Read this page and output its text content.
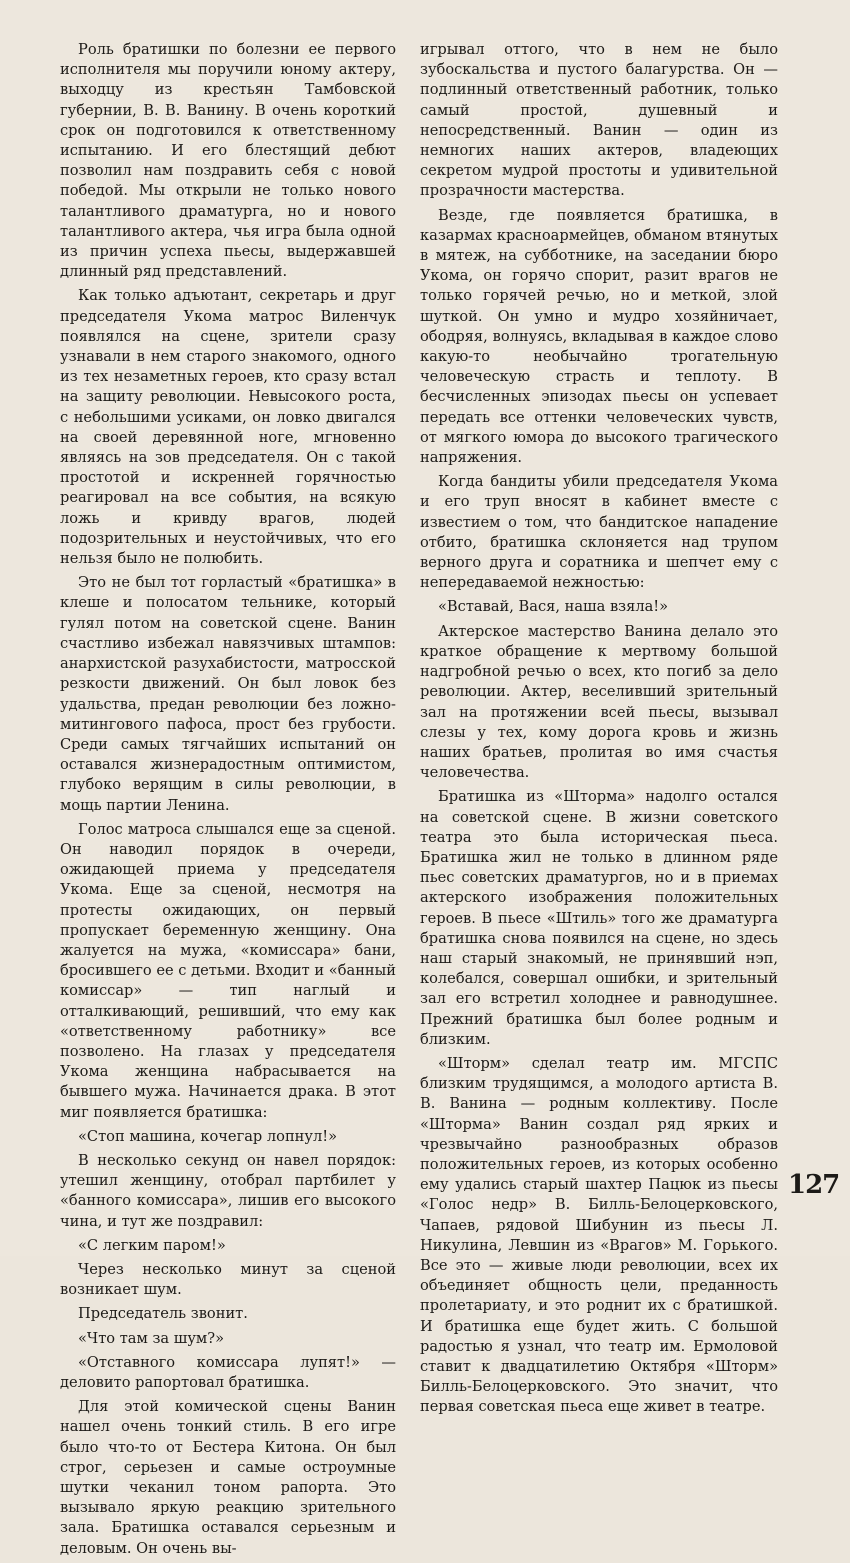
Роль братишки по болезни ее первого исполнителя мы поручили юному актеру, выходцу из крестьян Тамбовской губернии, В. В. Ванину. В очень короткий срок он подготовился к ответственному испытанию. И его блестящий дебют позволил нам поздравить себя с новой победой. Мы открыли не только нового талантливого драматурга, но и нового талантливого актера, чья игра была одной из причин успеха пьесы, выдержавшей длинный ряд представлений.

Как только адъютант, секретарь и друг председателя Укома матрос Виленчук появлялся на сцене, зрители сразу узнавали в нем старого знакомого, одного из тех незаметных героев, кто сразу встал на защиту революции. Невысокого роста, с небольшими усиками, он ловко двигался на своей деревянной ноге, мгновенно являясь на зов председателя. Он с такой простотой и искренней горячностью реагировал на все события, на всякую ложь и кривду врагов, людей подозрительных и неустойчивых, что его нельзя было не полюбить.

Это не был тот горластый «братишка» в клеше и полосатом тельнике, который гулял потом на советской сцене. Ванин счастливо избежал навязчивых штампов: анархистской разухабистости, матросской резкости движений. Он был ловок без удальства, предан революции без ложно-митингового пафоса, прост без грубости. Среди самых тягчайших испытаний он оставался жизнерадостным оптимистом, глубоко верящим в силы революции, в мощь партии Ленина.

Голос матроса слышался еще за сценой. Он наводил порядок в очереди, ожидающей приема у председателя Укома. Еще за сценой, несмотря на протесты ожидающих, он первый пропускает беременную женщину. Она жалуется на мужа, «комиссара» бани, бросившего ее с детьми. Входит и «банный комиссар» — тип наглый и отталкивающий, решивший, что ему как «ответственному работнику» все позволено. На глазах у председателя Укома женщина набрасывается на бывшего мужа. Начинается драка. В этот миг появляется братишка:

«Стоп машина, кочегар лопнул!»

В несколько секунд он навел порядок: утешил женщину, отобрал партбилет у «банного комиссара», лишив его высокого чина, и тут же поздравил:

«С легким паром!»

Через несколько минут за сценой возникает шум.

Председатель звонит.

«Что там за шум?»

«Отставного комиссара лупят!» — деловито рапортовал братишка.

Для этой комической сцены Ванин нашел очень тонкий стиль. В его игре было что-то от Бестера Китона. Он был строг, серьезен и самые остроумные шутки чеканил тоном рапорта. Это вызывало яркую реакцию зрительного зала. Братишка оставался серьезным и деловым. Он очень вы-

игрывал оттого, что в нем не было зубоскальства и пустого балагурства. Он — подлинный ответственный работник, только самый простой, душевный и непосредственный. Ванин — один из немногих наших актеров, владеющих секретом мудрой простоты и удивительной прозрачности мастерства.

Везде, где появляется братишка, в казармах красноармейцев, обманом втянутых в мятеж, на субботнике, на заседании бюро Укома, он горячо спорит, разит врагов не только горячей речью, но и меткой, злой шуткой. Он умно и мудро хозяйничает, ободряя, волнуясь, вкладывая в каждое слово какую-то необычайно трогательную человеческую страсть и теплоту. В бесчисленных эпизодах пьесы он успевает передать все оттенки человеческих чувств, от мягкого юмора до высокого трагического напряжения.

Когда бандиты убили председателя Укома и его труп вносят в кабинет вместе с известием о том, что бандитское нападение отбито, братишка склоняется над трупом верного друга и соратника и шепчет ему с непередаваемой нежностью:

«Вставай, Вася, наша взяла!»

Актерское мастерство Ванина делало это краткое обращение к мертвому большой надгробной речью о всех, кто погиб за дело революции. Актер, веселивший зрительный зал на протяжении всей пьесы, вызывал слезы у тех, кому дорога кровь и жизнь наших братьев, пролитая во имя счастья человечества.

Братишка из «Шторма» надолго остался на советской сцене. В жизни советского театра это была историческая пьеса. Братишка жил не только в длинном ряде пьес советских драматургов, но и в приемах актерского изображения положительных героев. В пьесе «Штиль» того же драматурга братишка снова появился на сцене, но здесь наш старый знакомый, не принявший нэп, колебался, совершал ошибки, и зрительный зал его встретил холоднее и равнодушнее. Прежний братишка был более родным и близким.

«Шторм» сделал театр им. МГСПС близким трудящимся, а молодого артиста В. В. Ванина — родным коллективу. После «Шторма» Ванин создал ряд ярких и чрезвычайно разнообразных образов положительных героев, из которых особенно ему удались старый шахтер Пацюк из пьесы «Голос недр» В. Билль-Белоцерковского, Чапаев, рядовой Шибунин из пьесы Л. Никулина, Левшин из «Врагов» М. Горького. Все это — живые люди революции, всех их объединяет общность цели, преданность пролетариату, и это роднит их с братишкой. И братишка еще будет жить. С большой радостью я узнал, что театр им. Ермоловой ставит к двадцатилетию Октября «Шторм» Билль-Белоцерковского. Это значит, что первая советская пьеса еще живет в театре.

127
